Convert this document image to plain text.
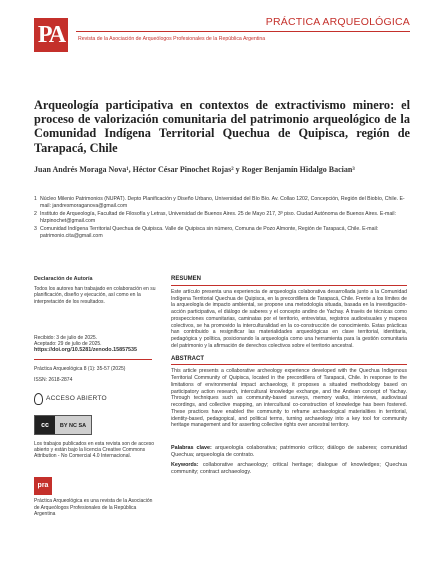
PA	PRÁCTICA ARQUEOLÓGICA
Revista de la Asociación de Arqueólogos Profesionales de la República Argentina
Arqueología participativa en contextos de extractivismo minero: el proceso de valorización comunitaria del patrimonio arqueológico de la Comunidad Indígena Territorial Quechua de Quipisca, región de Tarapacá, Chile
Juan Andrés Moraga Nova¹, Héctor César Pinochet Rojas² y Roger Benjamín Hidalgo Bacian³
1 Núcleo Milenio Patrimonios (NUPAT). Depto Planificación y Diseño Urbano, Universidad del Bío Bío. Av. Collao 1202, Concepción, Región del Biobío, Chile. E-mail: jandresmoraganova@gmail.com
2 Instituto de Arqueología, Facultad de Filosofía y Letras, Universidad de Buenos Aires. 25 de Mayo 217, 3º piso. Ciudad Autónoma de Buenos Aires. E-mail: hlzpinochet@gmail.com
3 Comunidad Indígena Territorial Quechua de Quipisca. Valle de Quipisca sin número, Comuna de Pozo Almonte, Región de Tarapacá, Chile. E-mail: patrimonio.cita@gmail.com
Declaración de Autoría
Todos los autores han trabajado en colaboración en su planificación, diseño y ejecución, así como en la interpretación de los resultados.
Recibido: 3 de julio de 2025.
Aceptado: 29 de julio de 2025.
https://doi.org/10.5281/zenodo.15857535
Práctica Arqueológica 8 (1): 35-57 (2025)
ISSN: 2618-2874
ACCESO ABIERTO
cc	BY NC SA
Los trabajos publicados en esta revista son de acceso abierto y están bajo la licencia Creative Commons Attribution - No Comercial 4.0 Internacional.
pra
Práctica Arqueológica es una revista de la Asociación de Arqueólogos Profesionales de la República Argentina
RESUMEN

Este artículo presenta una experiencia de arqueología colaborativa desarrollada junto a la Comunidad Indígena Territorial Quechua de Quipisca, en la precordillera de Tarapacá, Chile. Frente a los límites de la arqueología de impacto ambiental, se propone una metodología situada, basada en la investigación-acción participativa, el diálogo de saberes y el concepto andino de Yachay. A través de técnicas como prospecciones comunitarias, caminatas por el territorio, entrevistas, registros audiovisuales y mapeos colectivos, se ha promovido la interculturalidad en la co-construcción de conocimiento. Estas prácticas han contribuido a resignificar las materialidades arqueológicas en clave territorial, identitaria, pedagógica y política, posicionando la arqueología como una herramienta para la gestión comunitaria del patrimonio y la afirmación de derechos colectivos sobre el territorio ancestral.

ABSTRACT

This article presents a collaborative archeology experience developed with the Quechua Indigenous Territorial Community of Quipisca, located in the precordillera of Tarapacá, Chile. In response to the limitations of environmental impact archaeology, it proposes a situated methodology based on participatory action research, intercultural knowledge exchange, and the Andean concept of Yachay. Through techniques such as community-based surveys, memory walks, interviews, audiovisual recordings, and collective mapping, an intercultural co-construction of knowledge has been fostered. These practices have enabled the community to reframe archaeological materialities in territorial, identity-based, pedagogical, and political terms, turning archaeology into a key tool for community heritage management and for asserting collective rights over ancestral territory.

Palabras clave: arqueología colaborativa; patrimonio crítico; diálogo de saberes; comunidad Quechua; arqueología de contrato.
Keywords: collaborative archaeology; critical heritage; dialogue of knowledges; Quechua community; contract archaeology.
